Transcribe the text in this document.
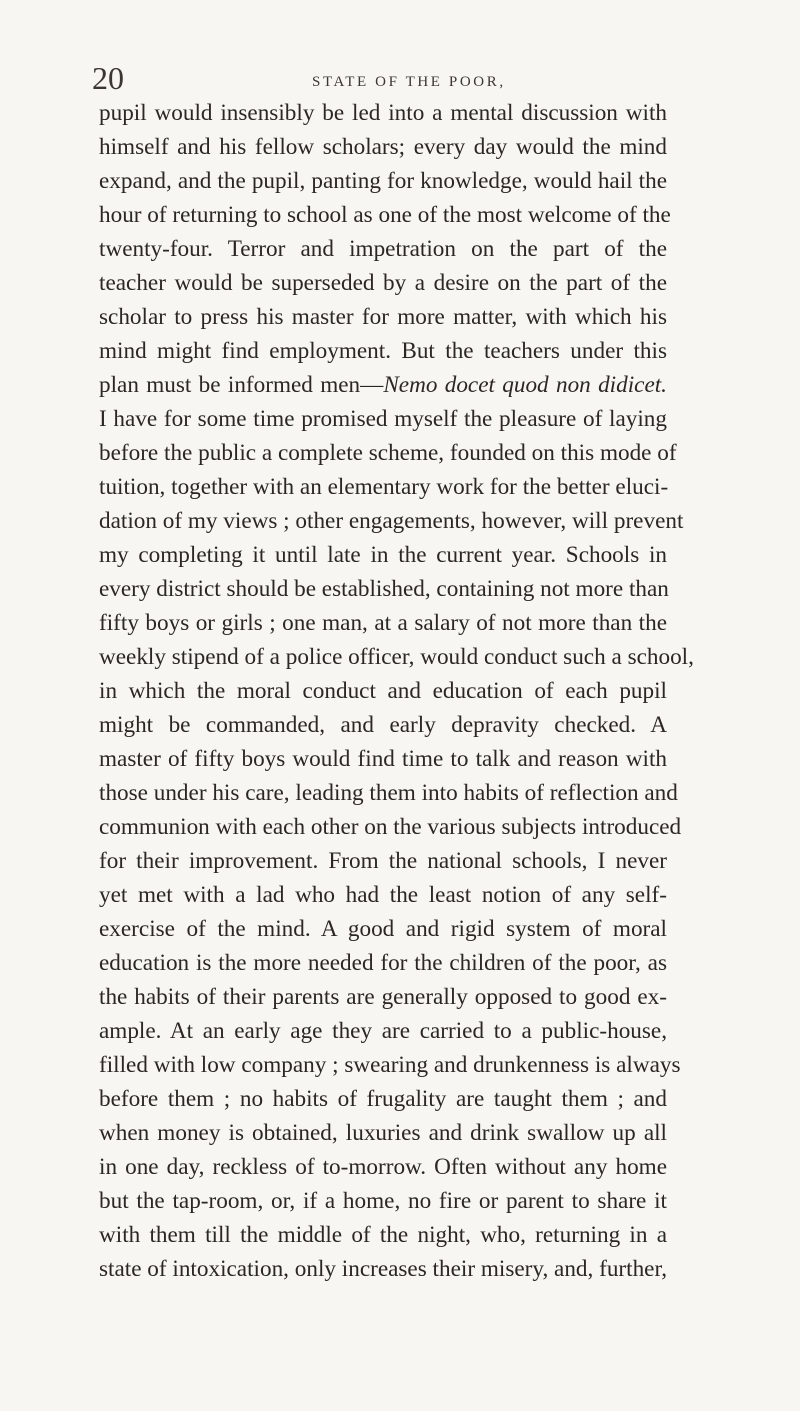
20	STATE OF THE POOR,
pupil would insensibly be led into a mental discussion with
himself and his fellow scholars; every day would the mind
expand, and the pupil, panting for knowledge, would hail the
hour of returning to school as one of the most welcome of the
twenty-four. Terror and impetration on the part of the
teacher would be superseded by a desire on the part of the
scholar to press his master for more matter, with which his
mind might find employment. But the teachers under this
plan must be informed men—Nemo docet quod non didicet.
I have for some time promised myself the pleasure of laying
before the public a complete scheme, founded on this mode of
tuition, together with an elementary work for the better eluci-
dation of my views ; other engagements, however, will prevent
my completing it until late in the current year. Schools in
every district should be established, containing not more than
fifty boys or girls ; one man, at a salary of not more than the
weekly stipend of a police officer, would conduct such a school,
in which the moral conduct and education of each pupil
might be commanded, and early depravity checked. A
master of fifty boys would find time to talk and reason with
those under his care, leading them into habits of reflection and
communion with each other on the various subjects introduced
for their improvement. From the national schools, I never
yet met with a lad who had the least notion of any self-
exercise of the mind. A good and rigid system of moral
education is the more needed for the children of the poor, as
the habits of their parents are generally opposed to good ex-
ample. At an early age they are carried to a public-house,
filled with low company ; swearing and drunkenness is always
before them ; no habits of frugality are taught them ; and
when money is obtained, luxuries and drink swallow up all
in one day, reckless of to-morrow. Often without any home
but the tap-room, or, if a home, no fire or parent to share it
with them till the middle of the night, who, returning in a
state of intoxication, only increases their misery, and, further,
